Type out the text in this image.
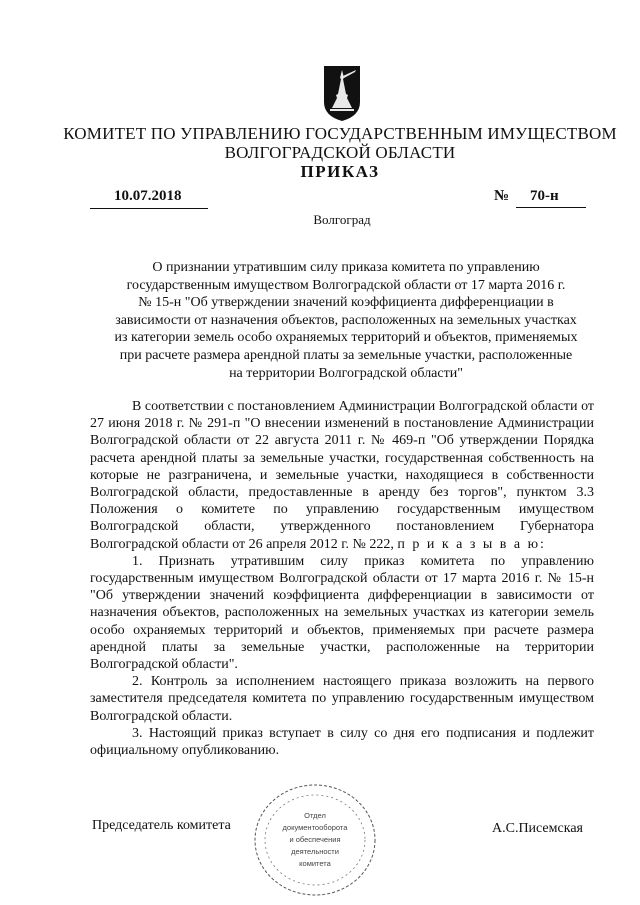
КОМИТЕТ ПО УПРАВЛЕНИЮ ГОСУДАРСТВЕННЫМ ИМУЩЕСТВОМ
ВОЛГОГРАДСКОЙ ОБЛАСТИ
ПРИКАЗ
10.07.2018	№ 70-н
Волгоград
О признании утратившим силу приказа комитета по управлению
государственным имуществом Волгоградской области от 17 марта 2016 г.
№ 15-н "Об утверждении значений коэффициента дифференциации в
зависимости от назначения объектов, расположенных на земельных участках
из категории земель особо охраняемых территорий и объектов, применяемых
при расчете размера арендной платы за земельные участки, расположенные
на территории Волгоградской области"

В соответствии с постановлением Администрации Волгоградской области от 27 июня 2018 г. № 291-п "О внесении изменений в постановление Администрации Волгоградской области от 22 августа 2011 г. № 469-п "Об утверждении Порядка расчета арендной платы за земельные участки, государственная собственность на которые не разграничена, и земельные участки, находящиеся в собственности Волгоградской области, предоставленные в аренду без торгов", пунктом 3.3 Положения о комитете по управлению государственным имуществом Волгоградской области, утвержденного постановлением Губернатора Волгоградской области от 26 апреля 2012 г. № 222, п р и к а з ы в а ю:

1. Признать утратившим силу приказ комитета по управлению государственным имуществом Волгоградской области от 17 марта 2016 г. № 15-н "Об утверждении значений коэффициента дифференциации в зависимости от назначения объектов, расположенных на земельных участках из категории земель особо охраняемых территорий и объектов, применяемых при расчете размера арендной платы за земельные участки, расположенные на территории Волгоградской области".

2. Контроль за исполнением настоящего приказа возложить на первого заместителя председателя комитета по управлению государственным имуществом Волгоградской области.

3. Настоящий приказ вступает в силу со дня его подписания и подлежит официальному опубликованию.

Председатель комитета
Отдел
документооборота
и обеспечения
деятельности
комитета
А.С.Писемская
